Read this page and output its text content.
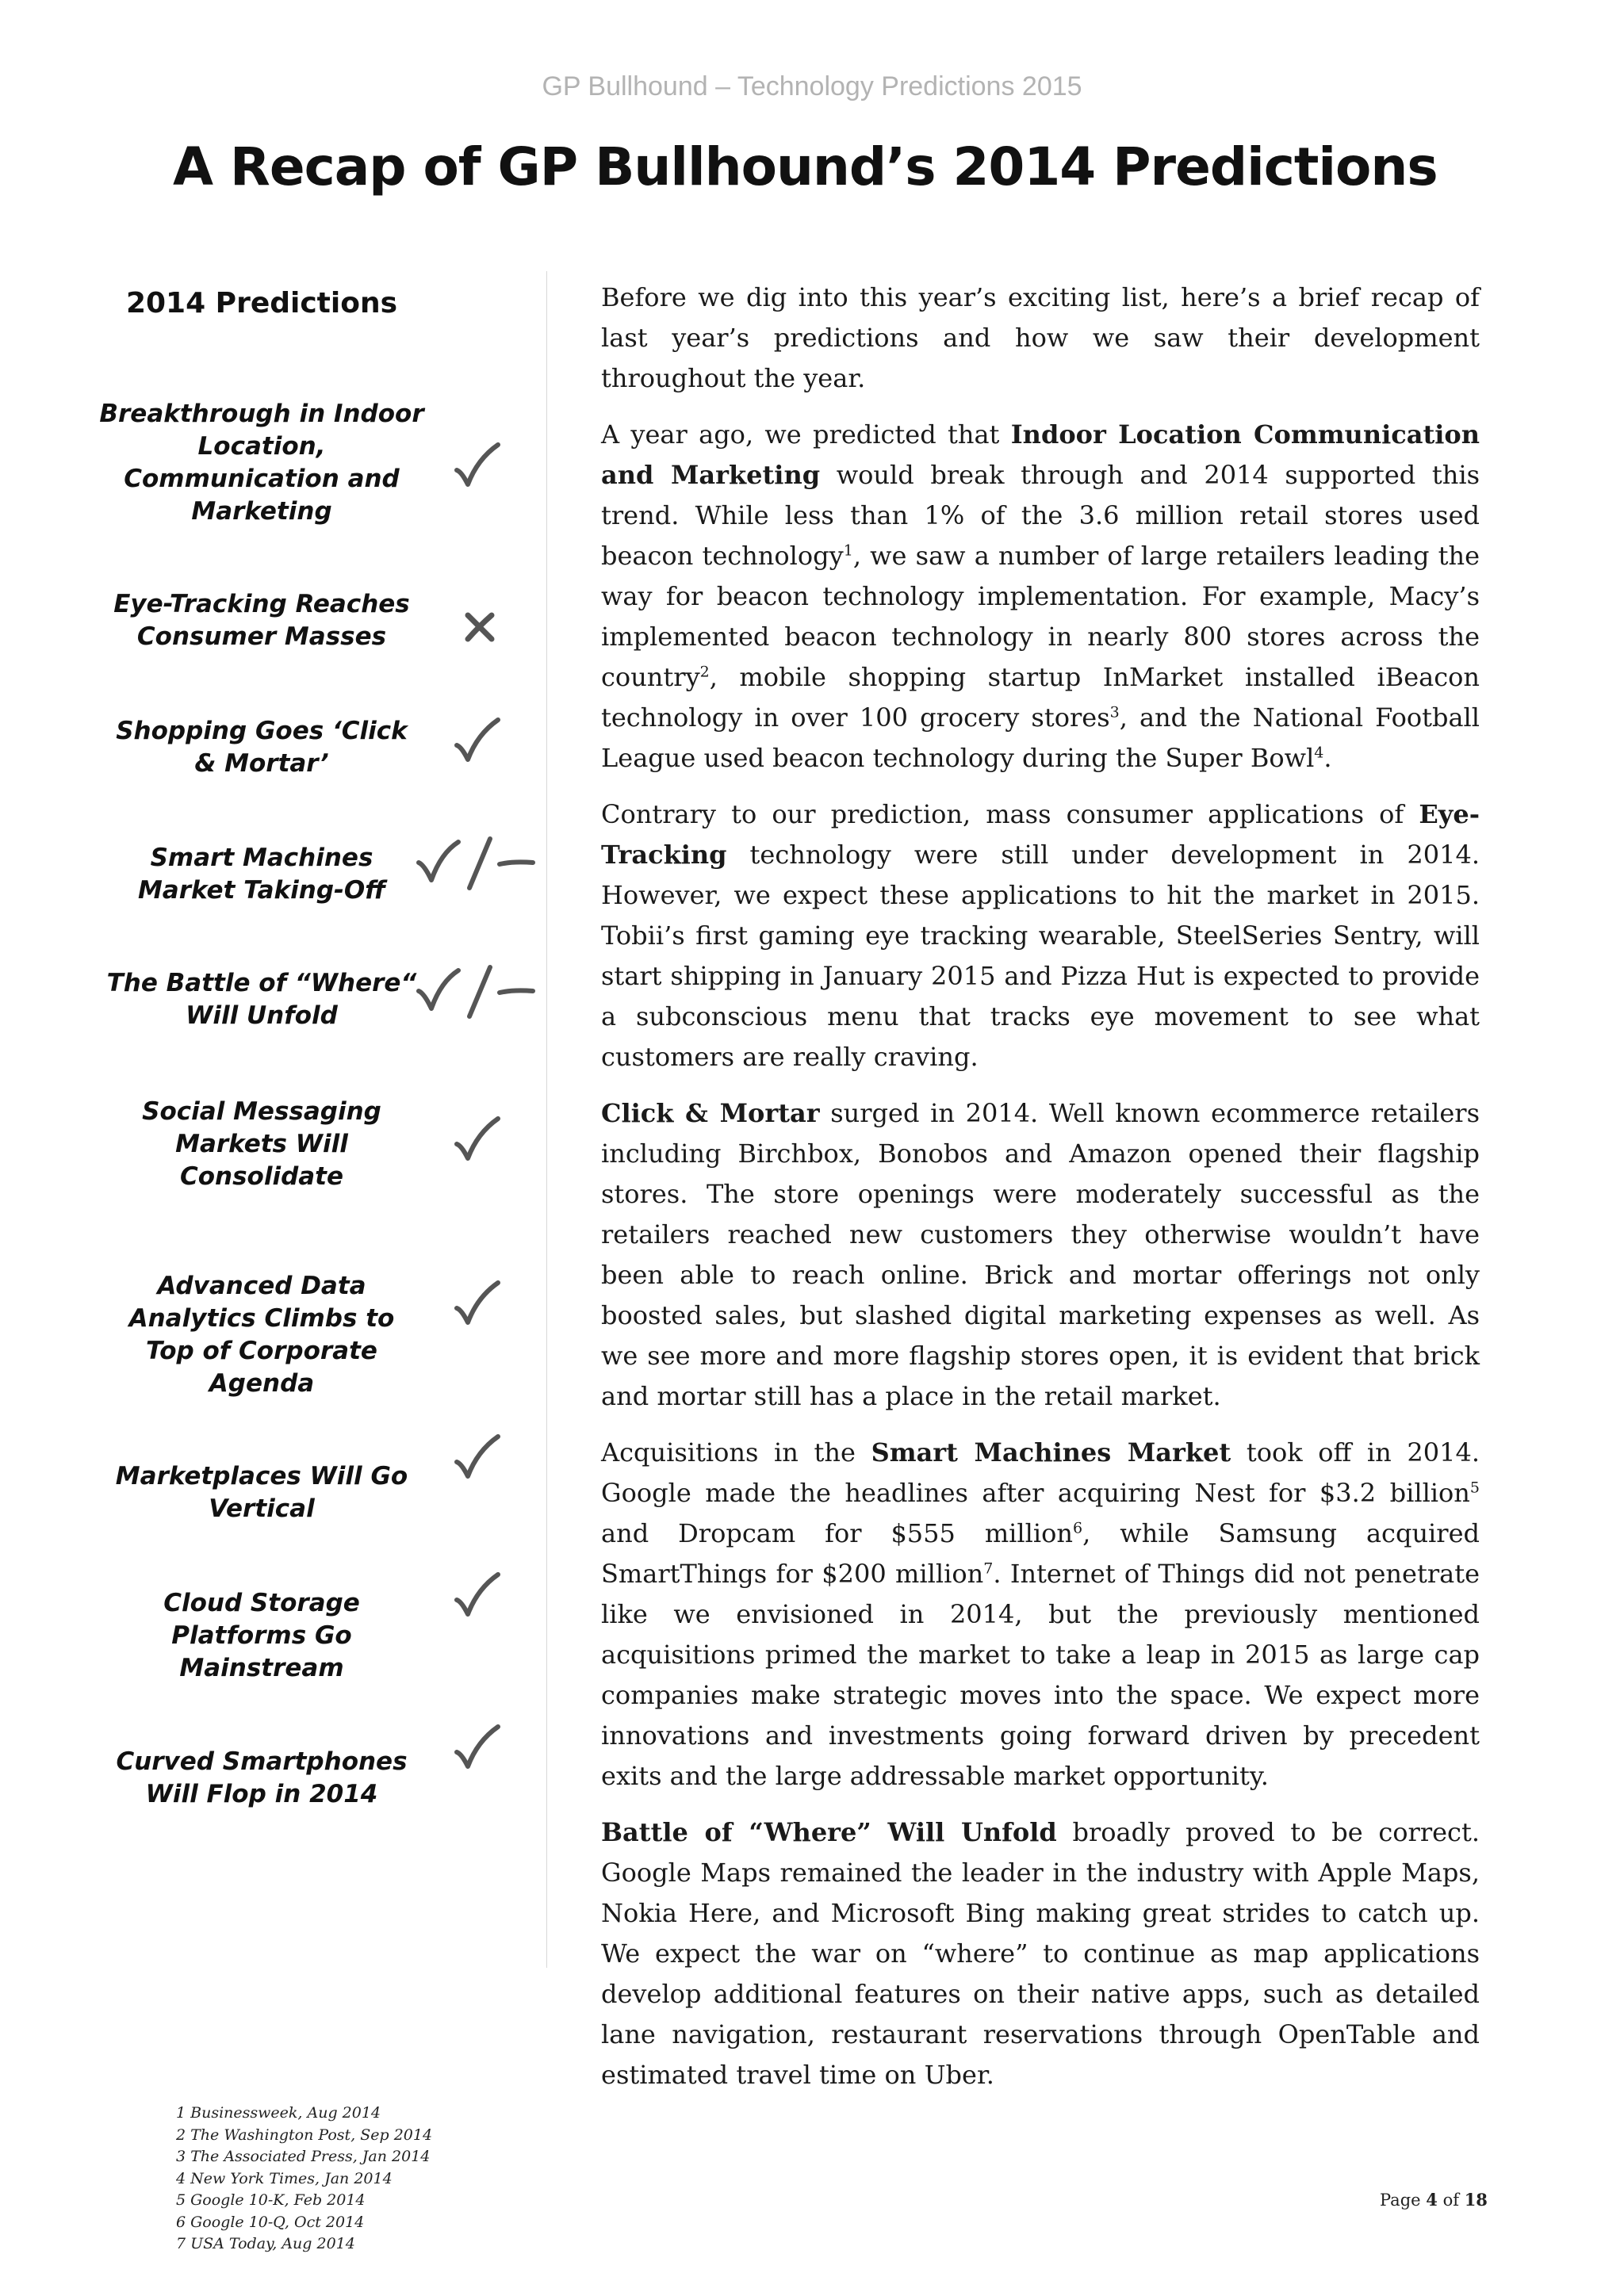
GP Bullhound – Technology Predictions 2015
A Recap of GP Bullhound’s 2014 Predictions
2014 Predictions
Breakthrough in Indoor
Location,
Communication and
Marketing
Eye-Tracking Reaches
Consumer Masses
Shopping Goes ‘Click
& Mortar’
Smart Machines
Market Taking-Off
The Battle of “Where“
Will Unfold
Social Messaging
Markets Will
Consolidate
Advanced Data
Analytics Climbs to
Top of Corporate
Agenda
Marketplaces Will Go
Vertical
Cloud Storage
Platforms Go
Mainstream
Curved Smartphones
Will Flop in 2014

Before we dig into this year’s exciting list, here’s a brief recap of last year’s predictions and how we saw their development throughout the year.

A year ago, we predicted that Indoor Location Communication and Marketing would break through and 2014 supported this trend. While less than 1% of the 3.6 million retail stores used beacon technology$^1$, we saw a number of large retailers leading the way for beacon technology implementation. For example, Macy’s implemented beacon technology in nearly 800 stores across the country$^2$, mobile shopping startup InMarket installed iBeacon technology in over 100 grocery stores$^3$, and the National Football League used beacon technology during the Super Bowl$^4$.

Contrary to our prediction, mass consumer applications of Eye-Tracking technology were still under development in 2014. However, we expect these applications to hit the market in 2015. Tobii’s first gaming eye tracking wearable, SteelSeries Sentry, will start shipping in January 2015 and Pizza Hut is expected to provide a subconscious menu that tracks eye movement to see what customers are really craving.

Click & Mortar surged in 2014. Well known ecommerce retailers including Birchbox, Bonobos and Amazon opened their flagship stores. The store openings were moderately successful as the retailers reached new customers they otherwise wouldn’t have been able to reach online. Brick and mortar offerings not only boosted sales, but slashed digital marketing expenses as well. As we see more and more flagship stores open, it is evident that brick and mortar still has a place in the retail market.

Acquisitions in the Smart Machines Market took off in 2014. Google made the headlines after acquiring Nest for $3.2 billion$^5$ and Dropcam for $555 million$^6$, while Samsung acquired SmartThings for $200 million$^7$. Internet of Things did not penetrate like we envisioned in 2014, but the previously mentioned acquisitions primed the market to take a leap in 2015 as large cap companies make strategic moves into the space. We expect more innovations and investments going forward driven by precedent exits and the large addressable market opportunity.

Battle of “Where” Will Unfold broadly proved to be correct. Google Maps remained the leader in the industry with Apple Maps, Nokia Here, and Microsoft Bing making great strides to catch up. We expect the war on “where” to continue as map applications develop additional features on their native apps, such as detailed lane navigation, restaurant reservations through OpenTable and estimated travel time on Uber.

1 Businessweek, Aug 2014
2 The Washington Post, Sep 2014
3 The Associated Press, Jan 2014
4 New York Times, Jan 2014
5 Google 10-K, Feb 2014
6 Google 10-Q, Oct 2014
7 USA Today, Aug 2014
Page 4 of 18
